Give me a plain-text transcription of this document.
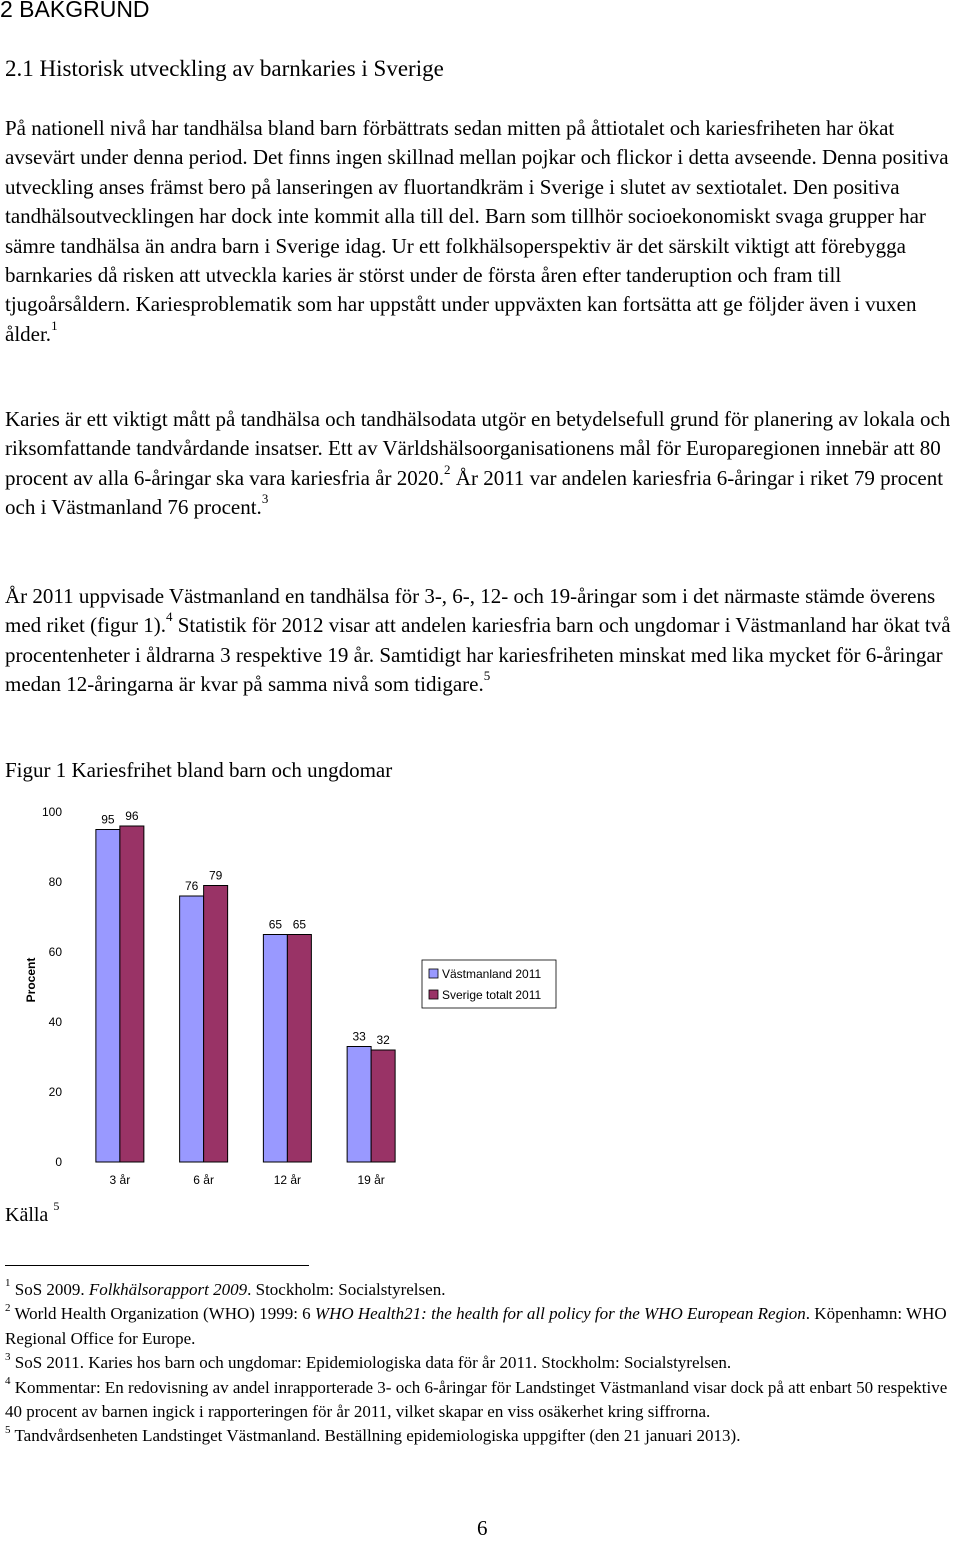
2 BAKGRUND
2.1 Historisk utveckling av barnkaries i Sverige
På nationell nivå har tandhälsa bland barn förbättrats sedan mitten på åttiotalet och kariesfriheten har ökat avsevärt under denna period. Det finns ingen skillnad mellan pojkar och flickor i detta avseende. Denna positiva utveckling anses främst bero på lanseringen av fluortandkräm i Sverige i slutet av sextiotalet. Den positiva tandhälsoutvecklingen har dock inte kommit alla till del. Barn som tillhör socioekonomiskt svaga grupper har sämre tandhälsa än andra barn i Sverige idag. Ur ett folkhälsoperspektiv är det särskilt viktigt att förebygga barnkaries då risken att utveckla karies är störst under de första åren efter tanderuption och fram till tjugoårsåldern. Kariesproblematik som har uppstått under uppväxten kan fortsätta att ge följder även i vuxen ålder.$^1$
Karies är ett viktigt mått på tandhälsa och tandhälsodata utgör en betydelsefull grund för planering av lokala och riksomfattande tandvårdande insatser. Ett av Världshälsoorganisationens mål för Europaregionen innebär att 80 procent av alla 6-åringar ska vara kariesfria år 2020.$^2$ År 2011 var andelen kariesfria 6-åringar i riket 79 procent och i Västmanland 76 procent.$^3$
År 2011 uppvisade Västmanland en tandhälsa för 3-, 6-, 12- och 19-åringar som i det närmaste stämde överens med riket (figur 1).$^4$ Statistik för 2012 visar att andelen kariesfria barn och ungdomar i Västmanland har ökat två procentenheter i åldrarna 3 respektive 19 år. Samtidigt har kariesfriheten minskat med lika mycket för 6-åringar medan 12-åringarna är kvar på samma nivå som tidigare.$^5$
Figur 1 Kariesfrihet bland barn och ungdomar
Procent
0
20
40
60
80
100
95 96
76
79
65 65
33 32
3 år	6 år	12 år	19 år
Västmanland 2011
Sverige totalt 2011
Källa $^5$

$^1$ SoS 2009. Folkhälsorapport 2009. Stockholm: Socialstyrelsen.

$^2$ World Health Organization (WHO) 1999: 6 WHO Health21: the health for all policy for the WHO European Region. Köpenhamn: WHO Regional Office for Europe.

$^3$ SoS 2011. Karies hos barn och ungdomar: Epidemiologiska data för år 2011. Stockholm: Socialstyrelsen.

$^4$ Kommentar: En redovisning av andel inrapporterade 3- och 6-åringar för Landstinget Västmanland visar dock på att enbart 50 respektive 40 procent av barnen ingick i rapporteringen för år 2011, vilket skapar en viss osäkerhet kring siffrorna.

$^5$ Tandvårdsenheten Landstinget Västmanland. Beställning epidemiologiska uppgifter (den 21 januari 2013).

6
